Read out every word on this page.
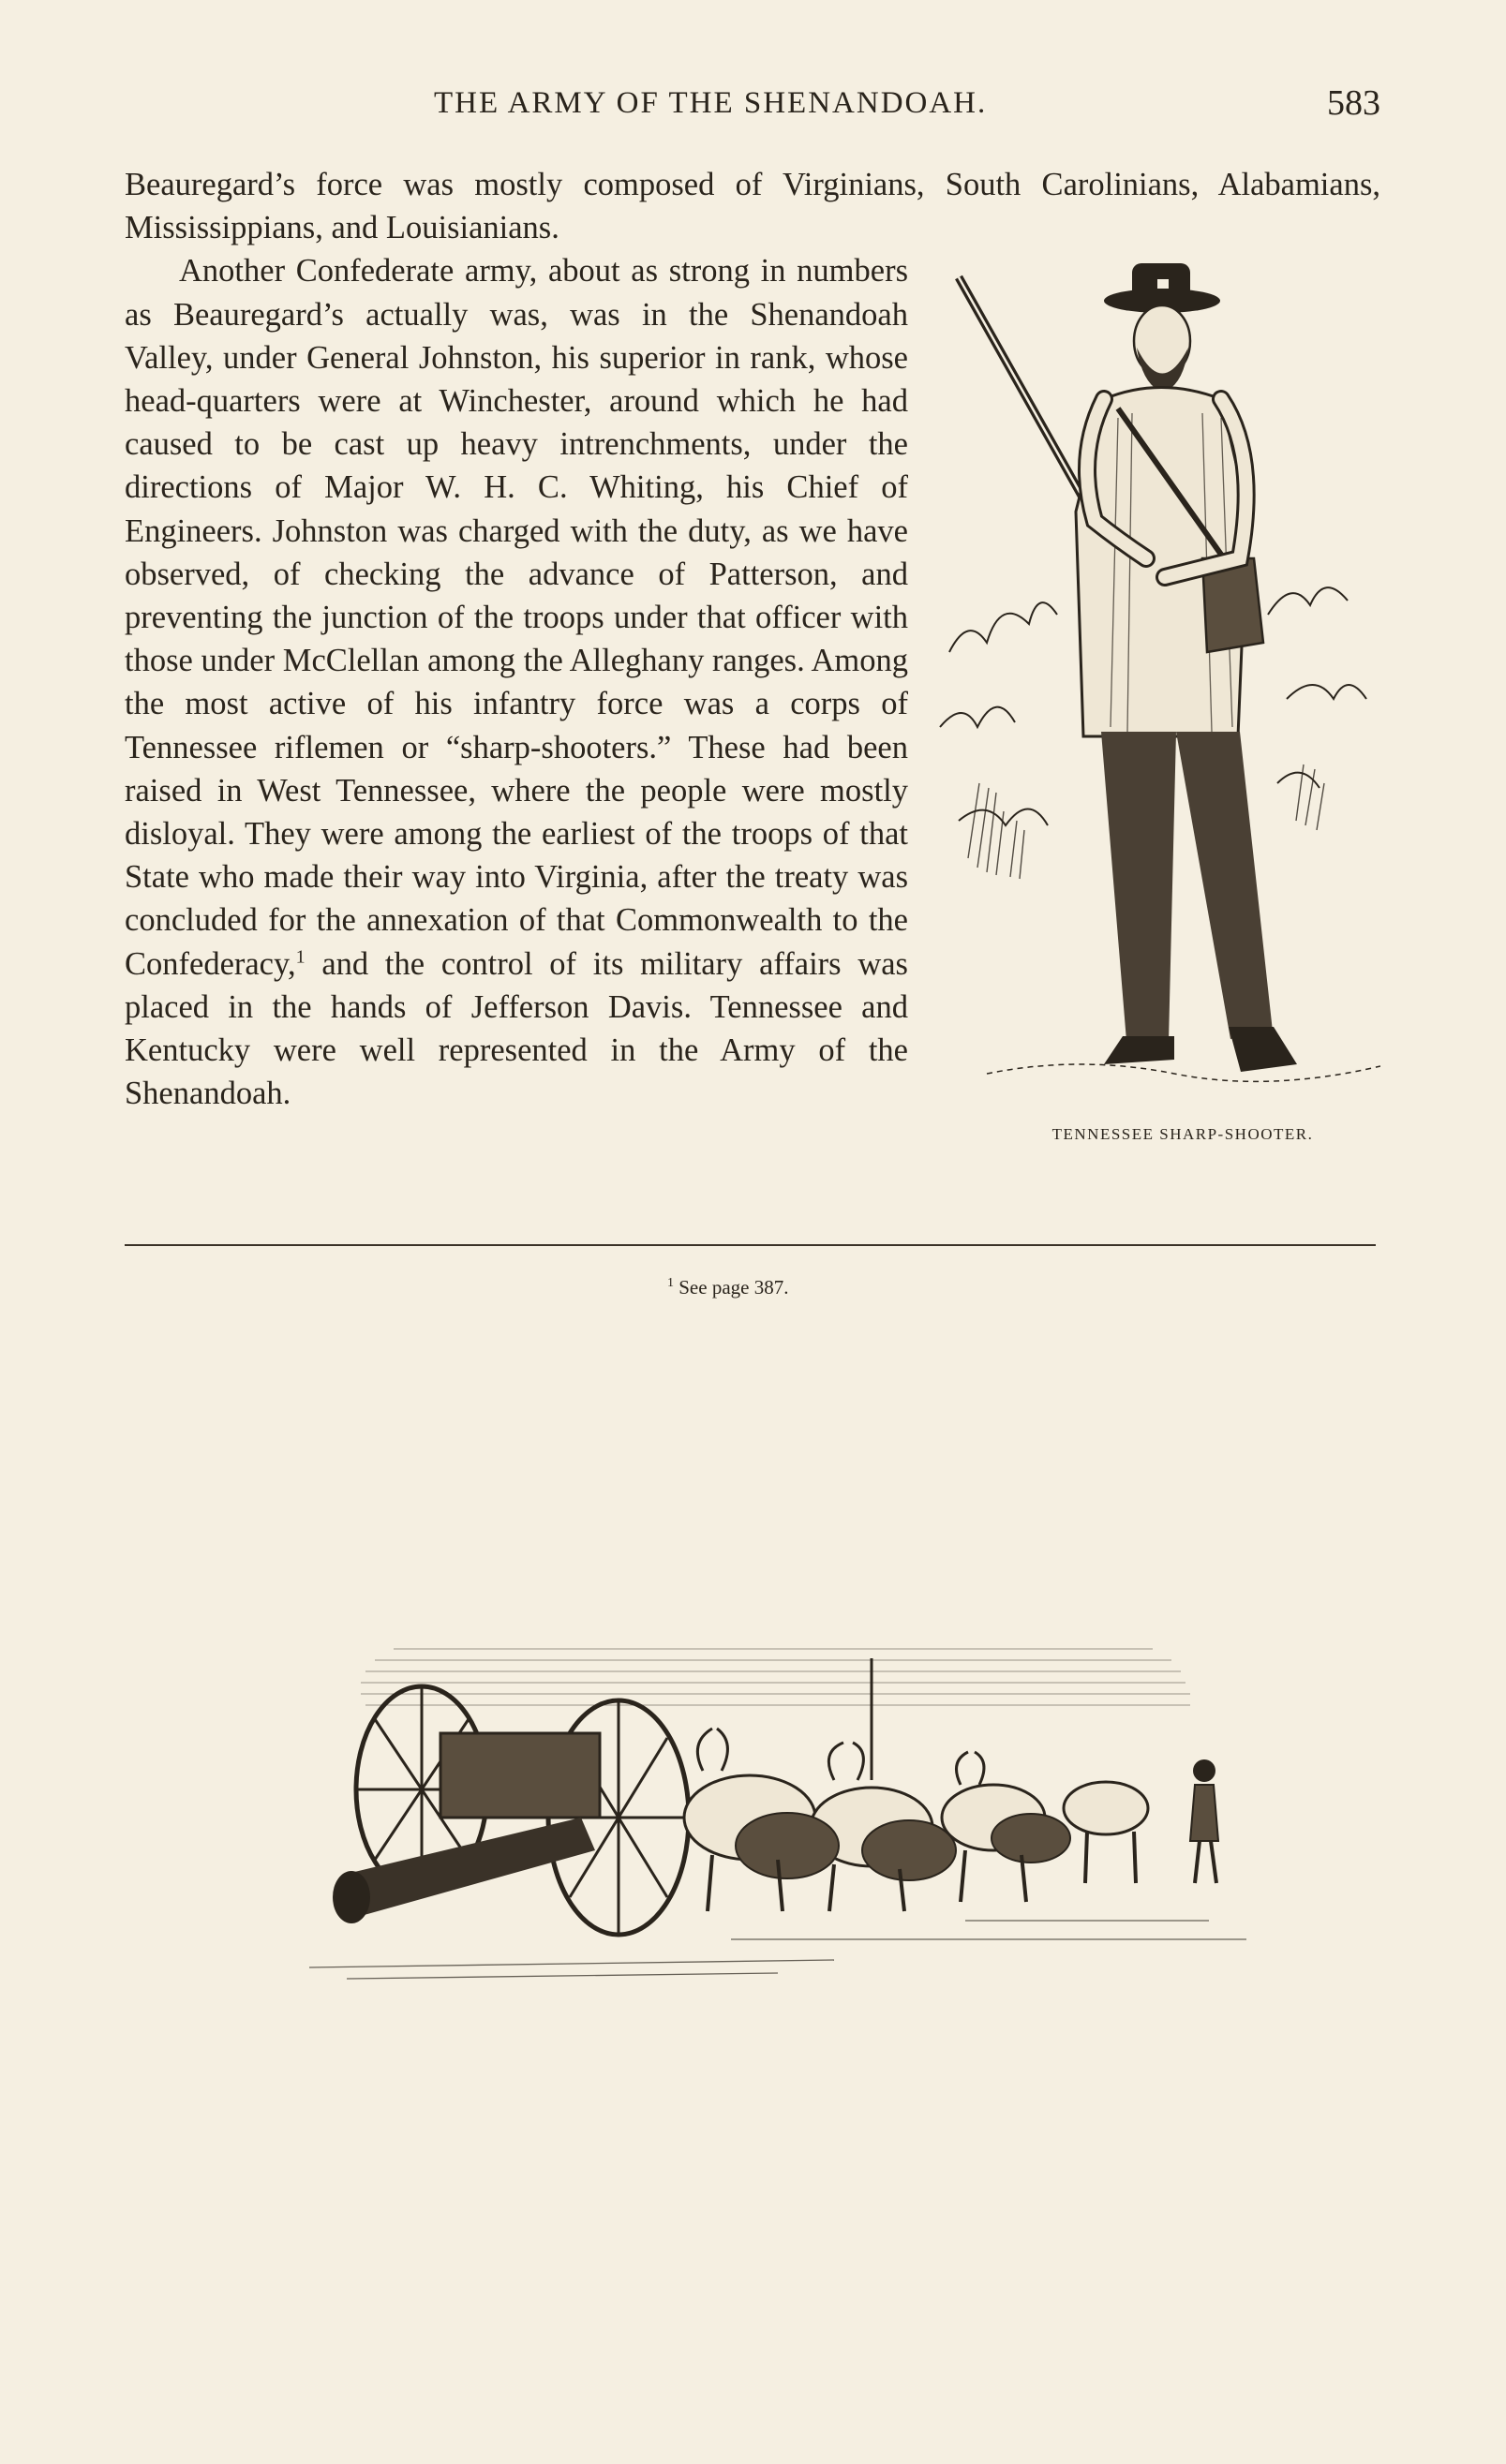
THE ARMY OF THE SHENANDOAH.	583

Beauregard’s force was mostly composed of Virginians, South Carolinians, Alabamians, Mississippians, and Louisianians.

TENNESSEE SHARP-SHOOTER.
Another Confederate army, about as strong in numbers as Beauregard’s actually was, was in the Shenandoah Valley, under General Johnston, his superior in rank, whose head-quarters were at Winchester, around which he had caused to be cast up heavy intrenchments, under the directions of Major W. H. C. Whiting, his Chief of Engineers. Johnston was charged with the duty, as we have observed, of checking the advance of Patterson, and preventing the junction of the troops under that officer with those under McClellan among the Alleghany ranges. Among the most active of his infantry force was a corps of Tennessee riflemen or “sharp-shooters.” These had been raised in West Tennessee, where the people were mostly disloyal. They were among the earliest of the troops of that State who made their way into Virginia, after the treaty was concluded for the annexation of that Commonwealth to the Confederacy,$^1$ and the control of its military affairs was placed in the hands of Jefferson Davis. Tennessee and Kentucky were well represented in the Army of the Shenandoah.

$^1$ See page 387.
